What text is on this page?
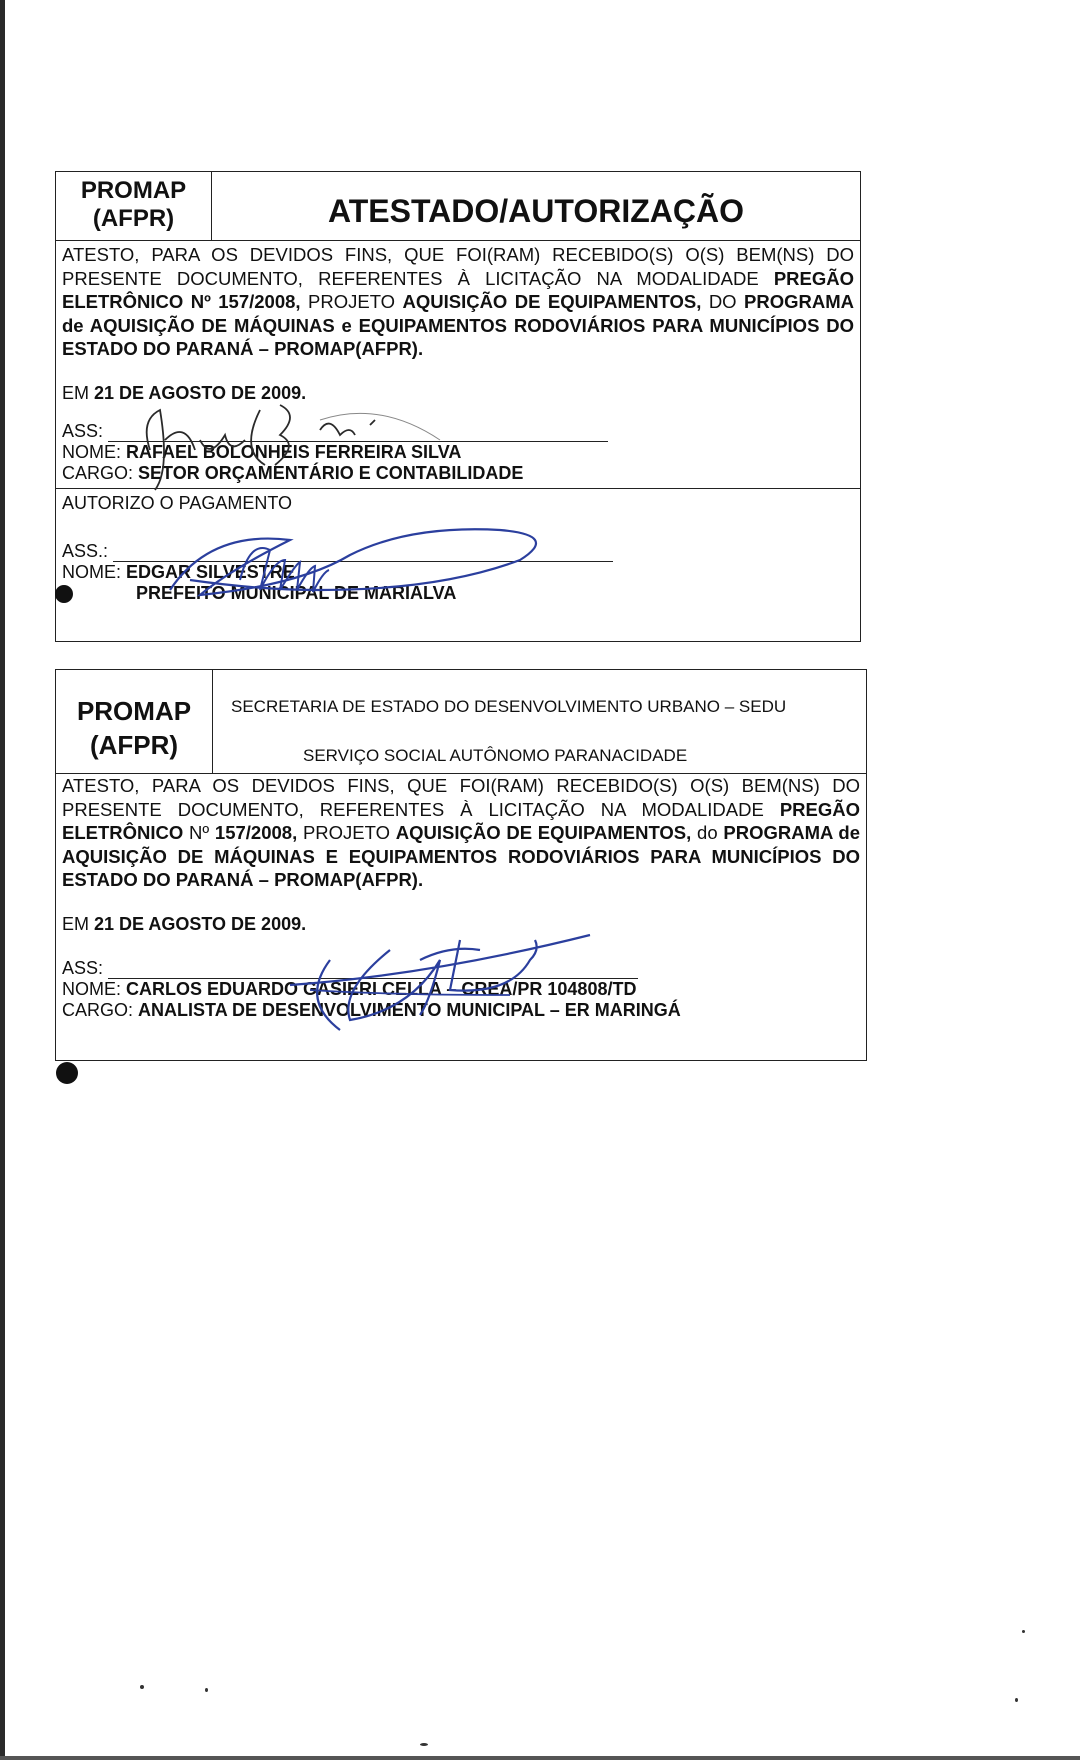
PROMAP
(AFPR)	ATESTADO/AUTORIZAÇÃO
ATESTO, PARA OS DEVIDOS FINS, QUE FOI(RAM) RECEBIDO(S) O(S) BEM(NS) DO PRESENTE DOCUMENTO, REFERENTES À LICITAÇÃO NA MODALIDADE PREGÃO ELETRÔNICO Nº 157/2008, PROJETO AQUISIÇÃO DE EQUIPAMENTOS, DO PROGRAMA de AQUISIÇÃO DE MÁQUINAS e EQUIPAMENTOS RODOVIÁRIOS PARA MUNICÍPIOS DO ESTADO DO PARANÁ – PROMAP(AFPR).
EM 21 DE AGOSTO DE 2009.
ASS:
NOME: RAFAEL BOLONHEIS FERREIRA SILVA
CARGO: SETOR ORÇAMENTÁRIO E CONTABILIDADE
AUTORIZO O PAGAMENTO
ASS.:
NOME: EDGAR SILVESTRE
PREFEITO MUNICIPAL DE MARIALVA
PROMAP
(AFPR)
SECRETARIA DE ESTADO DO DESENVOLVIMENTO URBANO – SEDU
SERVIÇO SOCIAL AUTÔNOMO PARANACIDADE
ATESTO, PARA OS DEVIDOS FINS, QUE FOI(RAM) RECEBIDO(S) O(S) BEM(NS) DO PRESENTE DOCUMENTO, REFERENTES À LICITAÇÃO NA MODALIDADE PREGÃO ELETRÔNICO Nº 157/2008, PROJETO AQUISIÇÃO DE EQUIPAMENTOS, do PROGRAMA de AQUISIÇÃO DE MÁQUINAS E EQUIPAMENTOS RODOVIÁRIOS PARA MUNICÍPIOS DO ESTADO DO PARANÁ – PROMAP(AFPR).
EM 21 DE AGOSTO DE 2009.
ASS:
NOME: CARLOS EDUARDO GASIERI CELLA – CREA/PR 104808/TD
CARGO: ANALISTA DE DESENVOLVIMENTO MUNICIPAL – ER MARINGÁ
